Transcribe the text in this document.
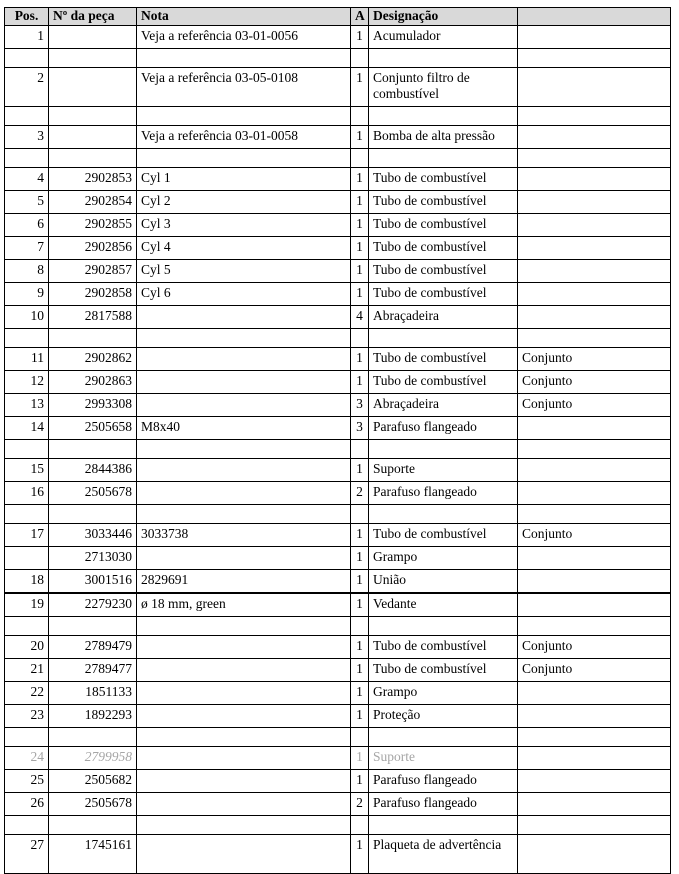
Pos.	Nº da peça	Nota	A	Designação	
1		Veja a referência 03-01-0056	1	Acumulador	

2		Veja a referência 03-05-0108	1	Conjunto filtro de combustível	

3		Veja a referência 03-01-0058	1	Bomba de alta pressão	

4	2902853	Cyl 1	1	Tubo de combustível	
5	2902854	Cyl 2	1	Tubo de combustível	
6	2902855	Cyl 3	1	Tubo de combustível	
7	2902856	Cyl 4	1	Tubo de combustível	
8	2902857	Cyl 5	1	Tubo de combustível	
9	2902858	Cyl 6	1	Tubo de combustível	
10	2817588		4	Abraçadeira	

11	2902862		1	Tubo de combustível	Conjunto
12	2902863		1	Tubo de combustível	Conjunto
13	2993308		3	Abraçadeira	Conjunto
14	2505658	M8x40	3	Parafuso flangeado	

15	2844386		1	Suporte	
16	2505678		2	Parafuso flangeado	

17	3033446	3033738	1	Tubo de combustível	Conjunto
	2713030		1	Grampo	
18	3001516	2829691	1	União	
19	2279230	ø 18 mm, green	1	Vedante	

20	2789479		1	Tubo de combustível	Conjunto
21	2789477		1	Tubo de combustível	Conjunto
22	1851133		1	Grampo	
23	1892293		1	Proteção	

24	2799958		1	Suporte	
25	2505682		1	Parafuso flangeado	
26	2505678		2	Parafuso flangeado	

27	1745161		1	Plaqueta de advertência	
